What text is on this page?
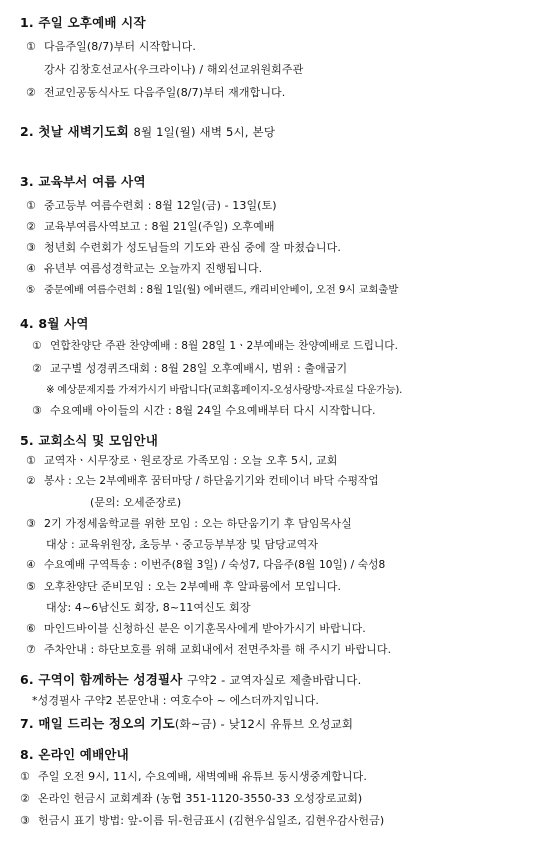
1. 주일 오후예배 시작
① 다음주일(8/7)부터 시작합니다.
강사 김창호선교사(우크라이나) / 해외선교위원회주관
② 전교인공동식사도 다음주일(8/7)부터 재개합니다.
2. 첫날 새벽기도회 8월 1일(월) 새벽 5시, 본당
3. 교육부서 여름 사역
① 중고등부 여름수련회 : 8월 12일(금) - 13일(토)
② 교육부여름사역보고 : 8월 21일(주일) 오후예배
③ 청년회 수련회가 성도님들의 기도와 관심 중에 잘 마쳤습니다.
④ 유년부 여름성경학교는 오늘까지 진행됩니다.
⑤ 중문예배 여름수련회 : 8월 1일(월) 에버랜드, 캐리비안베이, 오전 9시 교회출발
4. 8월 사역
① 연합찬양단 주관 찬양예배 : 8월 28일 1ㆍ2부예배는 찬양예배로 드립니다.
② 교구별 성경퀴즈대회 : 8월 28일 오후예배시, 범위 : 출애굽기
※ 예상문제지를 가져가시기 바랍니다(교회홈페이지-오성사랑방-자료실 다운가능).
③ 수요예배 아이들의 시간 : 8월 24일 수요예배부터 다시 시작합니다.
5. 교회소식 및 모임안내
① 교역자ㆍ시무장로ㆍ원로장로 가족모임 : 오늘 오후 5시, 교회
② 봉사 : 오는 2부예배후 꿈터마당 / 하단움기기와 컨테이너 바닥 수평작업
(문의: 오세준장로)
③ 2기 가정세움학교를 위한 모임 : 오는 하단움기기 후 담임목사실
대상 : 교육위원장, 초등부ㆍ중고등부부장 및 담당교역자
④ 수요예배 구역특송 : 이번주(8월 3일) / 숙성7, 다음주(8월 10일) / 숙성8
⑤ 오후찬양단 준비모임 : 오는 2부예배 후 알파룸에서 모입니다.
대상: 4~6남신도 회장, 8~11여신도 회장
⑥ 마인드바이블 신청하신 분은 이기훈목사에게 받아가시기 바랍니다.
⑦ 주차안내 : 하단보호를 위해 교회내에서 전면주차를 해 주시기 바랍니다.
6. 구역이 함께하는 성경필사 구약2 - 교역자실로 제출바랍니다.
*성경필사 구약2 본문안내 : 여호수아 ~ 에스더까지입니다.
7. 매일 드리는 정오의 기도(화~금) - 낮12시 유튜브 오성교회
8. 온라인 예배안내
① 주일 오전 9시, 11시, 수요예배, 새벽예배 유튜브 동시생중계합니다.
② 온라인 헌금시 교회계좌 (농협 351-1120-3550-33 오성장로교회)
③ 헌금시 표기 방법: 앞-이름 뒤-헌금표시 (김현우십일조, 김현우감사헌금)
